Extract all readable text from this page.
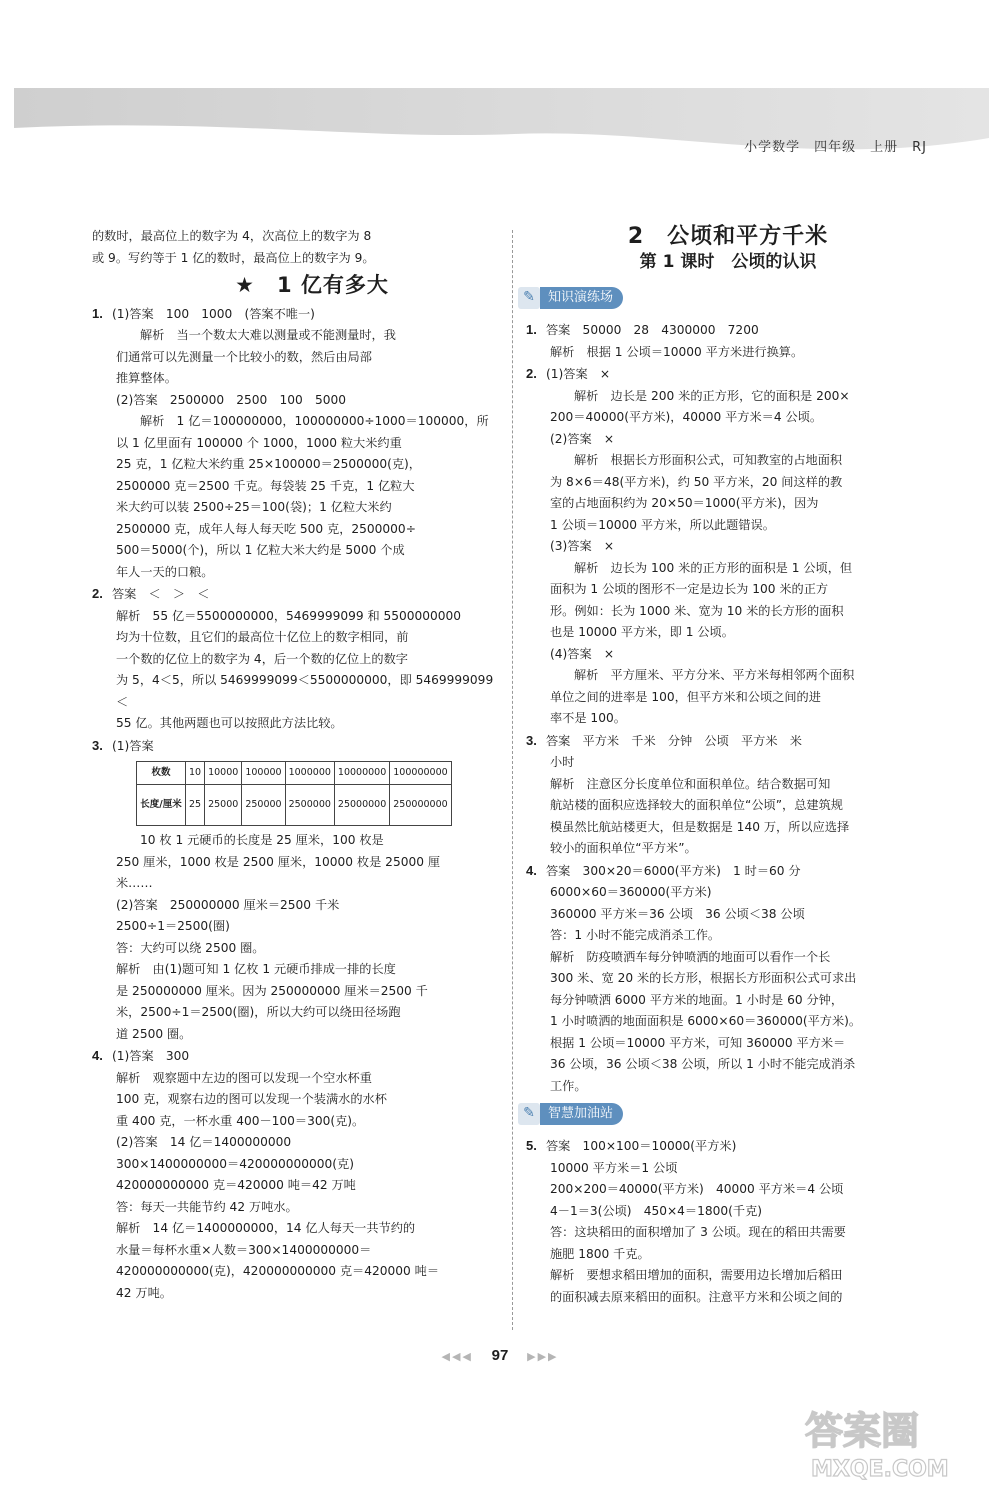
小学数学　四年级　上册　RJ

的数时，最高位上的数字为 4，次高位上的数字为 8

或 9。写约等于 1 亿的数时，最高位上的数字为 9。

★　1 亿有多大

1. (1)答案　100　1000　(答案不唯一)

解析　当一个数太大难以测量或不能测量时，我

们通常可以先测量一个比较小的数，然后由局部

推算整体。

(2)答案　2500000　2500　100　5000

解析　1 亿＝100000000，100000000÷1000＝100000，所

以 1 亿里面有 100000 个 1000，1000 粒大米约重

25 克，1 亿粒大米约重 25×100000＝2500000(克)，

2500000 克＝2500 千克。每袋装 25 千克，1 亿粒大

米大约可以装 2500÷25＝100(袋)；1 亿粒大米约

2500000 克，成年人每人每天吃 500 克，2500000÷

500＝5000(个)，所以 1 亿粒大米大约是 5000 个成

年人一天的口粮。

2. 答案　＜　＞　＜

解析　55 亿＝5500000000，5469999099 和 5500000000

均为十位数，且它们的最高位十亿位上的数字相同，前

一个数的亿位上的数字为 4，后一个数的亿位上的数字

为 5，4＜5，所以 5469999099＜5500000000，即 5469999099＜

55 亿。其他两题也可以按照此方法比较。

3. (1)答案

枚数	10	10000	100000	1000000	10000000	100000000
长度/厘米	25	25000	250000	2500000	25000000	250000000

10 枚 1 元硬币的长度是 25 厘米，100 枚是

250 厘米，1000 枚是 2500 厘米，10000 枚是 25000 厘

米……

(2)答案　250000000 厘米＝2500 千米

2500÷1＝2500(圈)

答：大约可以绕 2500 圈。

解析　由(1)题可知 1 亿枚 1 元硬币排成一排的长度

是 250000000 厘米。因为 250000000 厘米＝2500 千

米，2500÷1＝2500(圈)，所以大约可以绕田径场跑

道 2500 圈。

4. (1)答案　300

解析　观察题中左边的图可以发现一个空水杯重

100 克，观察右边的图可以发现一个装满水的水杯

重 400 克，一杯水重 400－100＝300(克)。

(2)答案　14 亿＝1400000000

300×1400000000＝420000000000(克)

420000000000 克＝420000 吨＝42 万吨

答：每天一共能节约 42 万吨水。

解析　14 亿＝1400000000，14 亿人每天一共节约的

水量＝每杯水重×人数＝300×1400000000＝

420000000000(克)，420000000000 克＝420000 吨＝

42 万吨。

2　公顷和平方千米
第 1 课时　公顷的认识
✎	知识演练场

1. 答案　50000　28　4300000　7200

解析　根据 1 公顷＝10000 平方米进行换算。

2. (1)答案　×

解析　边长是 200 米的正方形，它的面积是 200×

200＝40000(平方米)，40000 平方米＝4 公顷。

(2)答案　×

解析　根据长方形面积公式，可知教室的占地面积

为 8×6＝48(平方米)，约 50 平方米，20 间这样的教

室的占地面积约为 20×50＝1000(平方米)，因为

1 公顷＝10000 平方米，所以此题错误。

(3)答案　×

解析　边长为 100 米的正方形的面积是 1 公顷，但

面积为 1 公顷的图形不一定是边长为 100 米的正方

形。例如：长为 1000 米、宽为 10 米的长方形的面积

也是 10000 平方米，即 1 公顷。

(4)答案　×

解析　平方厘米、平方分米、平方米每相邻两个面积

单位之间的进率是 100，但平方米和公顷之间的进

率不是 100。

3. 答案　平方米　千米　分钟　公顷　平方米　米

小时

解析　注意区分长度单位和面积单位。结合数据可知

航站楼的面积应选择较大的面积单位“公顷”，总建筑规

模虽然比航站楼更大，但是数据是 140 万，所以应选择

较小的面积单位“平方米”。

4. 答案　300×20＝6000(平方米)　1 时＝60 分

6000×60＝360000(平方米)

360000 平方米＝36 公顷　36 公顷＜38 公顷

答：1 小时不能完成消杀工作。

解析　防疫喷洒车每分钟喷洒的地面可以看作一个长

300 米、宽 20 米的长方形，根据长方形面积公式可求出

每分钟喷洒 6000 平方米的地面。1 小时是 60 分钟，

1 小时喷洒的地面面积是 6000×60＝360000(平方米)。

根据 1 公顷＝10000 平方米，可知 360000 平方米＝

36 公顷，36 公顷＜38 公顷，所以 1 小时不能完成消杀

工作。

✎	智慧加油站

5. 答案　100×100＝10000(平方米)

10000 平方米＝1 公顷

200×200＝40000(平方米)　40000 平方米＝4 公顷

4－1＝3(公顷)　450×4＝1800(千克)

答：这块稻田的面积增加了 3 公顷。现在的稻田共需要

施肥 1800 千克。

解析　要想求稻田增加的面积，需要用边长增加后稻田

的面积减去原来稻田的面积。注意平方米和公顷之间的

◀◀◀ 97 ▶▶▶
答案圈
MXQE.COM
